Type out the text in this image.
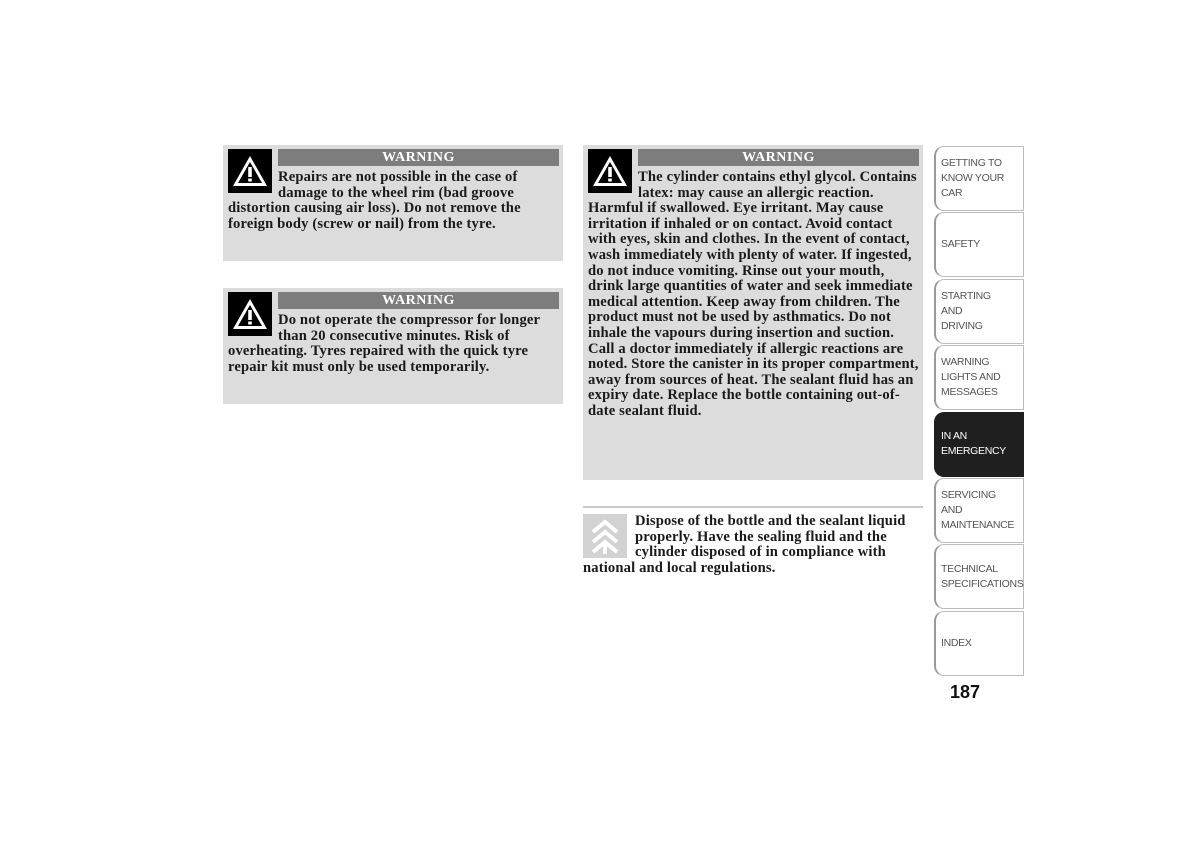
WARNING

Repairs are not possible in the case of damage to the wheel rim (bad groove distortion causing air loss). Do not remove the foreign body (screw or nail) from the tyre.

WARNING

Do not operate the compressor for longer than 20 consecutive minutes. Risk of overheating. Tyres repaired with the quick tyre repair kit must only be used temporarily.

WARNING

The cylinder contains ethyl glycol. Contains latex: may cause an allergic reaction. Harmful if swallowed. Eye irritant. May cause irritation if inhaled or on contact. Avoid contact with eyes, skin and clothes. In the event of contact, wash immediately with plenty of water. If ingested, do not induce vomiting. Rinse out your mouth, drink large quantities of water and seek immediate medical attention. Keep away from children. The product must not be used by asthmatics. Do not inhale the vapours during insertion and suction. Call a doctor immediately if allergic reactions are noted. Store the canister in its proper compartment, away from sources of heat. The sealant fluid has an expiry date. Replace the bottle containing out-of-date sealant fluid.

Dispose of the bottle and the sealant liquid properly. Have the sealing fluid and the cylinder disposed of in compliance with national and local regulations.

GETTING TO KNOW YOUR CAR
SAFETY
STARTING AND DRIVING
WARNING LIGHTS AND MESSAGES
IN AN EMERGENCY
SERVICING AND MAINTENANCE
TECHNICAL SPECIFICATIONS
INDEX
187
